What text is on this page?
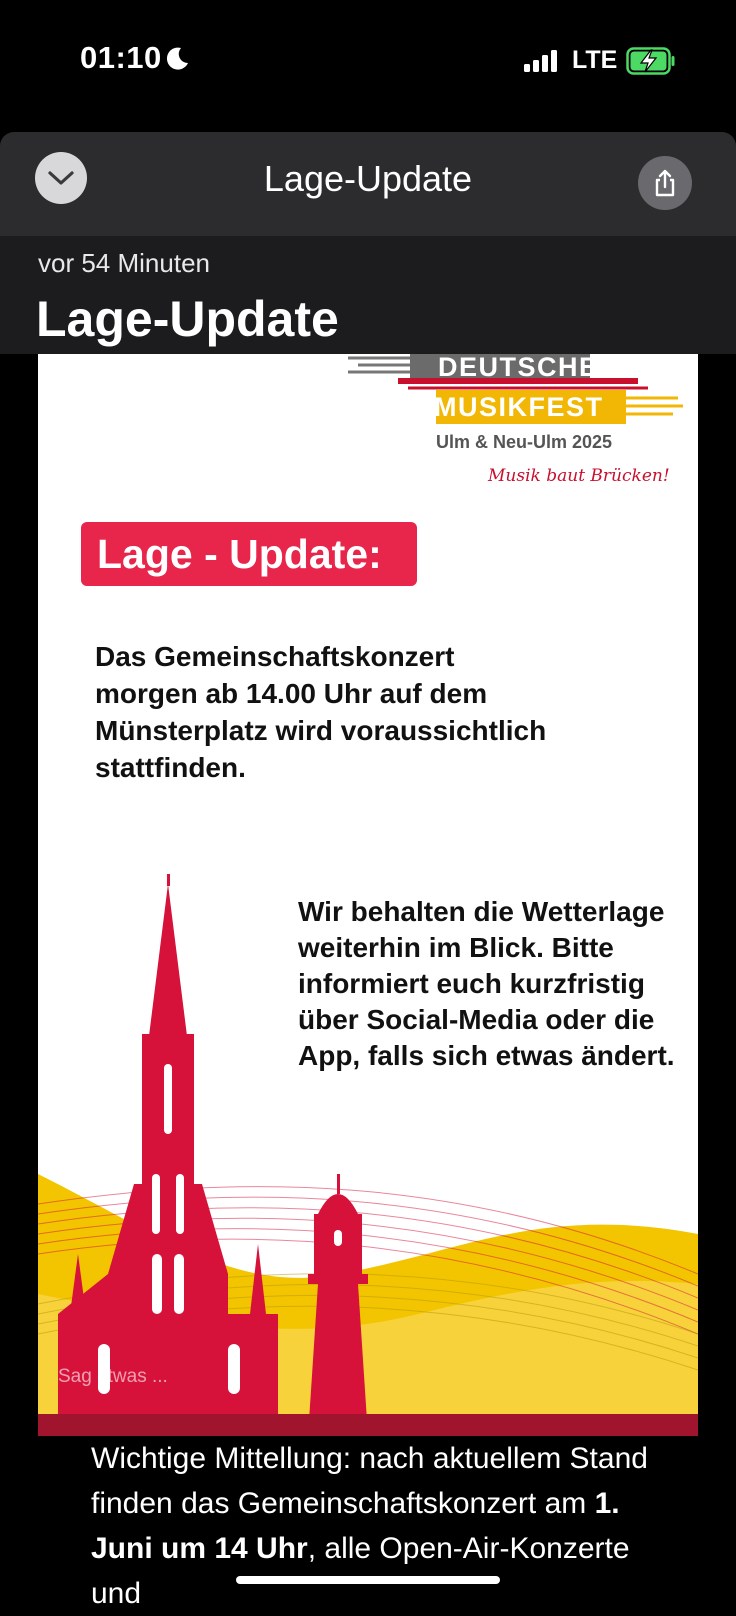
01:10	LTE
Lage-Update
vor 54 Minuten
Lage-Update
DEUTSCHES
MUSIKFEST
Ulm & Neu-Ulm 2025
Musik baut Brücken!
Lage - Update:
Das Gemeinschaftskonzert morgen ab 14.00 Uhr auf dem Münsterplatz wird voraussichtlich stattfinden.
Wir behalten die Wetterlage weiterhin im Blick. Bitte informiert euch kurzfristig über Social-Media oder die App, falls sich etwas ändert.
Sag etwas ...
Wichtige Mittellung: nach aktuellem Stand finden das Gemeinschaftskonzert am 1. Juni um 14 Uhr, alle Open-Air-Konzerte und
